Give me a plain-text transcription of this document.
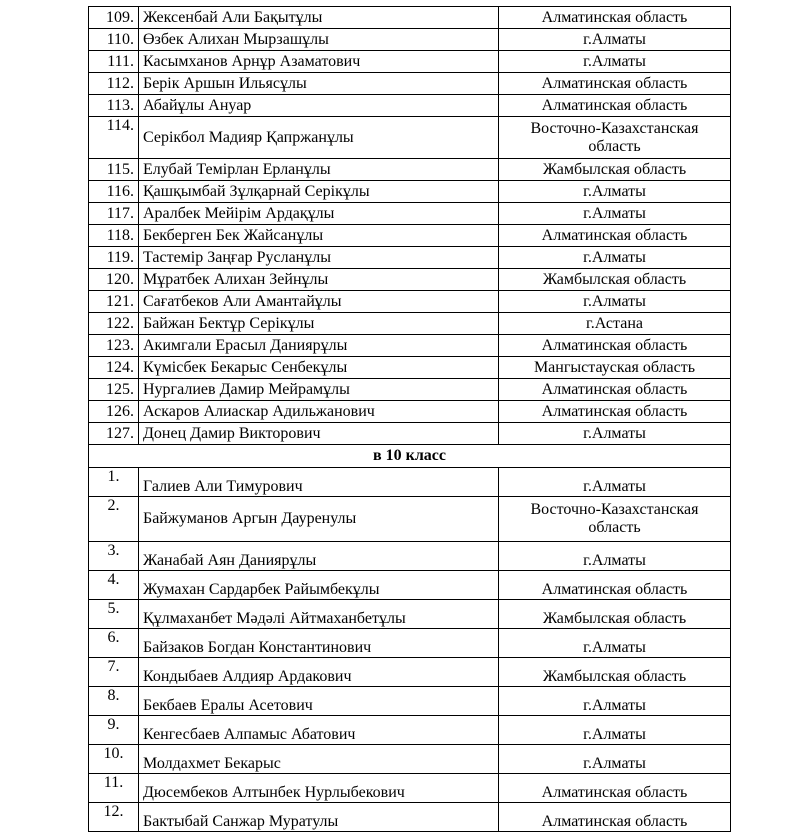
109.	Жексенбай Али Бақытұлы	Алматинская область
110.	Өзбек Алихан Мырзашұлы	г.Алматы
111.	Касымханов Арнұр Азаматович	г.Алматы
112.	Берік Аршын Ильясұлы	Алматинская область
113.	Абайұлы Ануар	Алматинская область
114.	Серікбол Мадияр Қапржанұлы	Восточно-Казахстанская область
115.	Елубай Темірлан Ерланұлы	Жамбылская область
116.	Қашқымбай Зұлқарнай Серікұлы	г.Алматы
117.	Аралбек Мейірім Ардақұлы	г.Алматы
118.	Бекберген Бек Жайсанұлы	Алматинская область
119.	Тастемір Заңғар Русланұлы	г.Алматы
120.	Мұратбек Алихан Зейнұлы	Жамбылская область
121.	Сағатбеков Али Амантайұлы	г.Алматы
122.	Байжан Бектұр Серікұлы	г.Астана
123.	Акимгали Ерасыл Даниярұлы	Алматинская область
124.	Күмісбек Бекарыс Сенбекұлы	Мангыстауская область
125.	Нургалиев Дамир Мейрамұлы	Алматинская область
126.	Аскаров Алиаскар Адильжанович	Алматинская область
127.	Донец Дамир Викторович	г.Алматы
в 10 класс		
1.	Галиев Али Тимурович	г.Алматы
2.	Байжуманов Аргын Дауренулы	Восточно-Казахстанская область
3.	Жанабай Аян Даниярұлы	г.Алматы
4.	Жумахан Сардарбек Райымбекұлы	Алматинская область
5.	Құлмаханбет Мәдәлі Айтмаханбетұлы	Жамбылская область
6.	Байзаков Богдан Константинович	г.Алматы
7.	Кондыбаев Алдияр Ардакович	Жамбылская область
8.	Бекбаев Ералы Асетович	г.Алматы
9.	Кенгесбаев Алпамыс Абатович	г.Алматы
10.	Молдахмет Бекарыс	г.Алматы
11.	Дюсембеков Алтынбек Нурлыбекович	Алматинская область
12.	Бактыбай Санжар Муратулы	Алматинская область
